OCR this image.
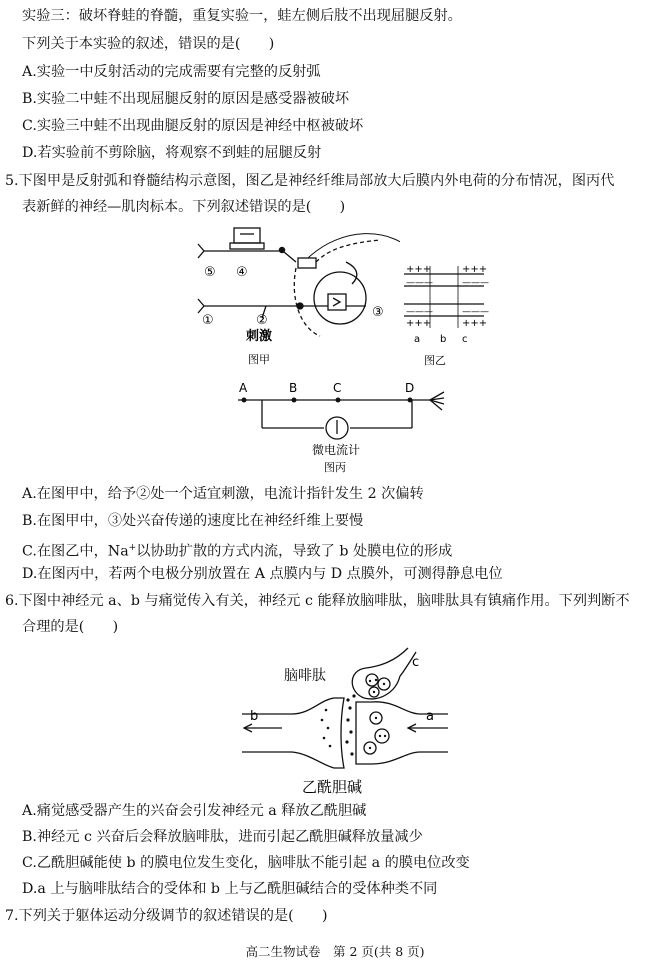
实验三：破坏脊蛙的脊髓，重复实验一，蛙左侧后肢不出现屈腿反射。
下列关于本实验的叙述，错误的是(　　)
A.实验一中反射活动的完成需要有完整的反射弧
B.实验二中蛙不出现屈腿反射的原因是感受器被破坏
C.实验三中蛙不出现曲腿反射的原因是神经中枢被破坏
D.若实验前不剪除脑，将观察不到蛙的屈腿反射
5.下图甲是反射弧和脊髓结构示意图，图乙是神经纤维局部放大后膜内外电荷的分布情况，图丙代
表新鲜的神经—肌肉标本。下列叙述错误的是(　　)
⑤ ④
①	②
刺激
③
图甲
+++	+++
———	———
———	———
+++	+++
a b c
图乙
A	B	C	D
微电流计
图丙
A.在图甲中，给予②处一个适宜刺激，电流计指针发生 2 次偏转
B.在图甲中，③处兴奋传递的速度比在神经纤维上要慢
C.在图乙中，Na+以协助扩散的方式内流，导致了 b 处膜电位的形成
D.在图丙中，若两个电极分别放置在 A 点膜内与 D 点膜外，可测得静息电位
6.下图中神经元 a、b 与痛觉传入有关，神经元 c 能释放脑啡肽，脑啡肽具有镇痛作用。下列判断不
合理的是(　　)
脑啡肽
c
b	a
乙酰胆碱
A.痛觉感受器产生的兴奋会引发神经元 a 释放乙酰胆碱
B.神经元 c 兴奋后会释放脑啡肽，进而引起乙酰胆碱释放量减少
C.乙酰胆碱能使 b 的膜电位发生变化，脑啡肽不能引起 a 的膜电位改变
D.a 上与脑啡肽结合的受体和 b 上与乙酰胆碱结合的受体种类不同
7.下列关于躯体运动分级调节的叙述错误的是(　　)
高二生物试卷　第 2 页(共 8 页)
